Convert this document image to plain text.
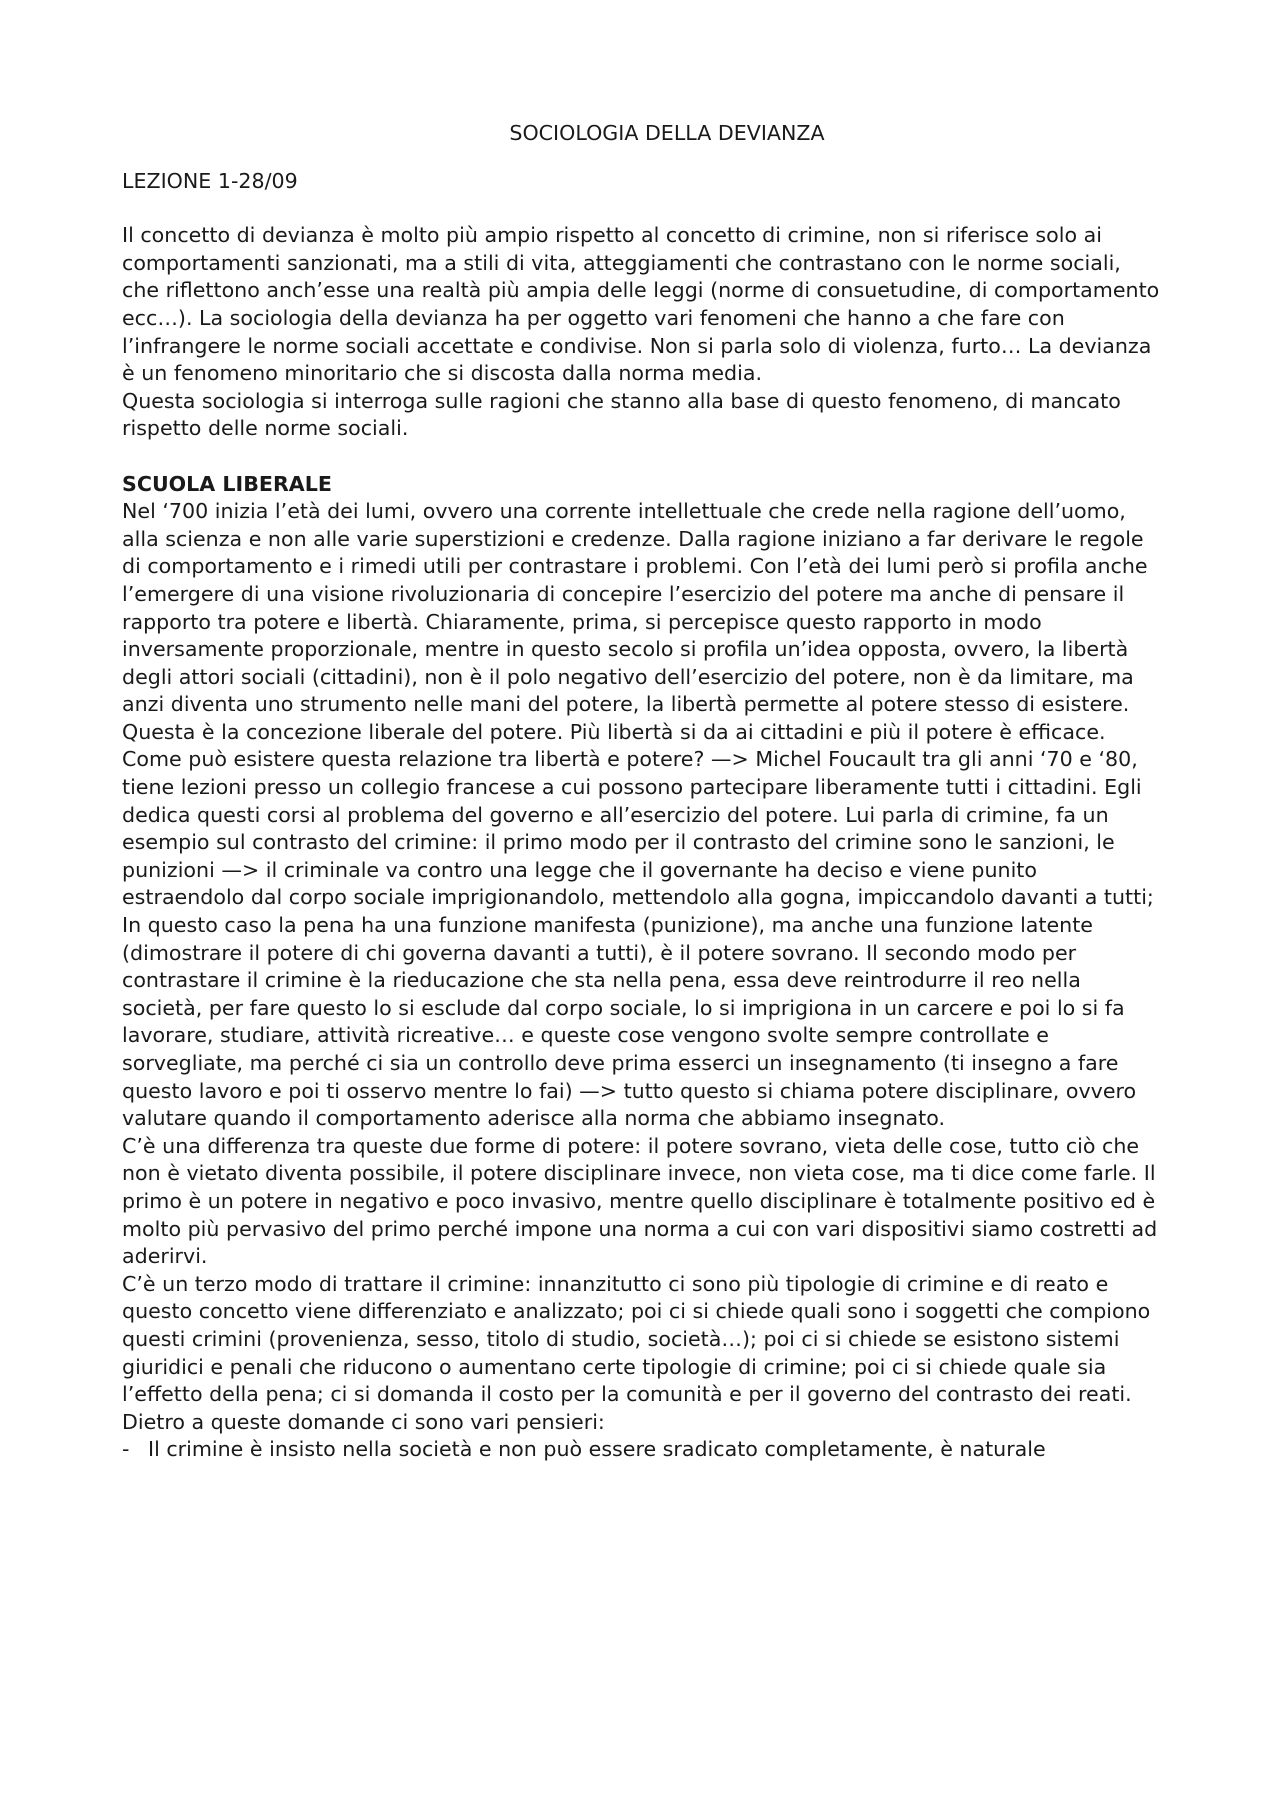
SOCIOLOGIA DELLA DEVIANZA
LEZIONE 1-28/09

Il concetto di devianza è molto più ampio rispetto al concetto di crimine, non si riferisce solo ai comportamenti sanzionati, ma a stili di vita, atteggiamenti che contrastano con le norme sociali, che riflettono anch’esse una realtà più ampia delle leggi (norme di consuetudine, di comportamento ecc…). La sociologia della devianza ha per oggetto vari fenomeni che hanno a che fare con l’infrangere le norme sociali accettate e condivise. Non si parla solo di violenza, furto… La devianza è un fenomeno minoritario che si discosta dalla norma media.

Questa sociologia si interroga sulle ragioni che stanno alla base di questo fenomeno, di mancato rispetto delle norme sociali.

SCUOLA LIBERALE

Nel ‘700 inizia l’età dei lumi, ovvero una corrente intellettuale che crede nella ragione dell’uomo, alla scienza e non alle varie superstizioni e credenze. Dalla ragione iniziano a far derivare le regole di comportamento e i rimedi utili per contrastare i problemi. Con l’età dei lumi però si profila anche l’emergere di una visione rivoluzionaria di concepire l’esercizio del potere ma anche di pensare il rapporto tra potere e libertà. Chiaramente, prima, si percepisce questo rapporto in modo inversamente proporzionale, mentre in questo secolo si profila un’idea opposta, ovvero, la libertà degli attori sociali (cittadini), non è il polo negativo dell’esercizio del potere, non è da limitare, ma anzi diventa uno strumento nelle mani del potere, la libertà permette al potere stesso di esistere. Questa è la concezione liberale del potere. Più libertà si da ai cittadini e più il potere è efficace. Come può esistere questa relazione tra libertà e potere? —> Michel Foucault tra gli anni ‘70 e ‘80, tiene lezioni presso un collegio francese a cui possono partecipare liberamente tutti i cittadini. Egli dedica questi corsi al problema del governo e all’esercizio del potere. Lui parla di crimine, fa un esempio sul contrasto del crimine: il primo modo per il contrasto del crimine sono le sanzioni, le punizioni —> il criminale va contro una legge che il governante ha deciso e viene punito estraendolo dal corpo sociale imprigionandolo, mettendolo alla gogna, impiccandolo davanti a tutti; In questo caso la pena ha una funzione manifesta (punizione), ma anche una funzione latente (dimostrare il potere di chi governa davanti a tutti), è il potere sovrano. Il secondo modo per contrastare il crimine è la rieducazione che sta nella pena, essa deve reintrodurre il reo nella società, per fare questo lo si esclude dal corpo sociale, lo si imprigiona in un carcere e poi lo si fa lavorare, studiare, attività ricreative… e queste cose vengono svolte sempre controllate e sorvegliate, ma perché ci sia un controllo deve prima esserci un insegnamento (ti insegno a fare questo lavoro e poi ti osservo mentre lo fai) —> tutto questo si chiama potere disciplinare, ovvero valutare quando il comportamento aderisce alla norma che abbiamo insegnato.

C’è una differenza tra queste due forme di potere: il potere sovrano, vieta delle cose, tutto ciò che non è vietato diventa possibile, il potere disciplinare invece, non vieta cose, ma ti dice come farle. Il primo è un potere in negativo e poco invasivo, mentre quello disciplinare è totalmente positivo ed è molto più pervasivo del primo perché impone una norma a cui con vari dispositivi siamo costretti ad aderirvi.

C’è un terzo modo di trattare il crimine: innanzitutto ci sono più tipologie di crimine e di reato e questo concetto viene differenziato e analizzato; poi ci si chiede quali sono i soggetti che compiono questi crimini (provenienza, sesso, titolo di studio, società…); poi ci si chiede se esistono sistemi giuridici e penali che riducono o aumentano certe tipologie di crimine; poi ci si chiede quale sia l’effetto della pena; ci si domanda il costo per la comunità e per il governo del contrasto dei reati. Dietro a queste domande ci sono vari pensieri:

- Il crimine è insisto nella società e non può essere sradicato completamente, è naturale
